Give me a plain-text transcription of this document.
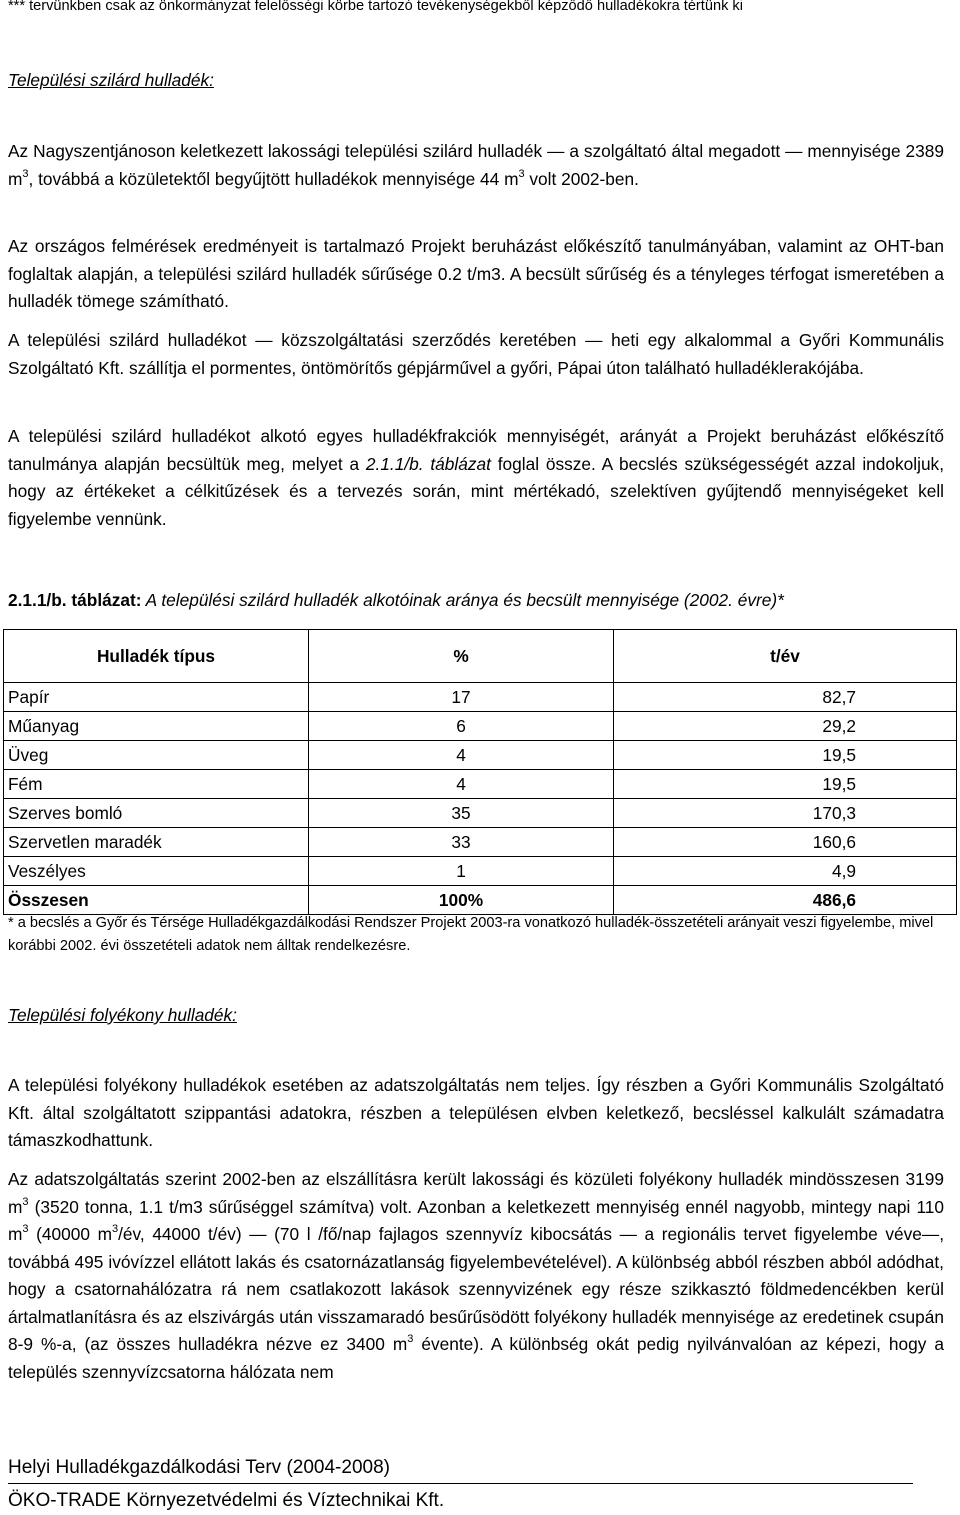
*** tervünkben csak az önkormányzat felelősségi körbe tartozó tevékenységekből képződő hulladékokra tértünk ki
Települési szilárd hulladék:

Az Nagyszentjánoson keletkezett lakossági települési szilárd hulladék — a szolgáltató által megadott — mennyisége 2389 $m^3$, továbbá a közületektől begyűjtött hulladékok mennyisége 44 $m^3$ volt 2002-ben.

Az országos felmérések eredményeit is tartalmazó Projekt beruházást előkészítő tanulmányában, valamint az OHT-ban foglaltak alapján, a települési szilárd hulladék sűrűsége 0.2 t/m3. A becsült sűrűség és a tényleges térfogat ismeretében a hulladék tömege számítható.

A települési szilárd hulladékot — közszolgáltatási szerződés keretében — heti egy alkalommal a Győri Kommunális Szolgáltató Kft. szállítja el pormentes, öntömörítős gépjárművel a győri, Pápai úton található hulladéklerakójába.

A települési szilárd hulladékot alkotó egyes hulladékfrakciók mennyiségét, arányát a Projekt beruházást előkészítő tanulmánya alapján becsültük meg, melyet a 2.1.1/b. táblázat foglal össze. A becslés szükségességét azzal indokoljuk, hogy az értékeket a célkitűzések és a tervezés során, mint mértékadó, szelektíven gyűjtendő mennyiségeket kell figyelembe vennünk.

2.1.1/b. táblázat: A települési szilárd hulladék alkotóinak aránya és becsült mennyisége (2002. évre)*
Hulladék típus	%	t/év
Papír	17	82,7
Műanyag	6	29,2
Üveg	4	19,5
Fém	4	19,5
Szerves bomló	35	170,3
Szervetlen maradék	33	160,6
Veszélyes	1	4,9
Összesen	100%	486,6
* a becslés a Győr és Térsége Hulladékgazdálkodási Rendszer Projekt 2003-ra vonatkozó hulladék-összetételi arányait veszi figyelembe, mivel korábbi 2002. évi összetételi adatok nem álltak rendelkezésre.
Települési folyékony hulladék:

A települési folyékony hulladékok esetében az adatszolgáltatás nem teljes. Így részben a Győri Kommunális Szolgáltató Kft. által szolgáltatott szippantási adatokra, részben a településen elvben keletkező, becsléssel kalkulált számadatra támaszkodhattunk.

Az adatszolgáltatás szerint 2002-ben az elszállításra került lakossági és közületi folyékony hulladék mindösszesen 3199 $m^3$ (3520 tonna, 1.1 t/m3 sűrűséggel számítva) volt. Azonban a keletkezett mennyiség ennél nagyobb, mintegy napi 110 $m^3$ (40000 $m^3/év$, 44000 t/év) — (70 l /fő/nap fajlagos szennyvíz kibocsátás — a regionális tervet figyelembe véve—, továbbá 495 ivóvízzel ellátott lakás és csatornázatlanság figyelembevételével). A különbség abból részben abból adódhat, hogy a csatornahálózatra rá nem csatlakozott lakások szennyvizének egy része szikkasztó földmedencékben kerül ártalmatlanításra és az elszivárgás után visszamaradó besűrűsödött folyékony hulladék mennyisége az eredetinek csupán 8-9 %-a, (az összes hulladékra nézve ez 3400 $m^3$ évente). A különbség okát pedig nyilvánvalóan az képezi, hogy a település szennyvízcsatorna hálózata nem

Helyi Hulladékgazdálkodási Terv (2004-2008)
ÖKO-TRADE Környezetvédelmi és Víztechnikai Kft.
